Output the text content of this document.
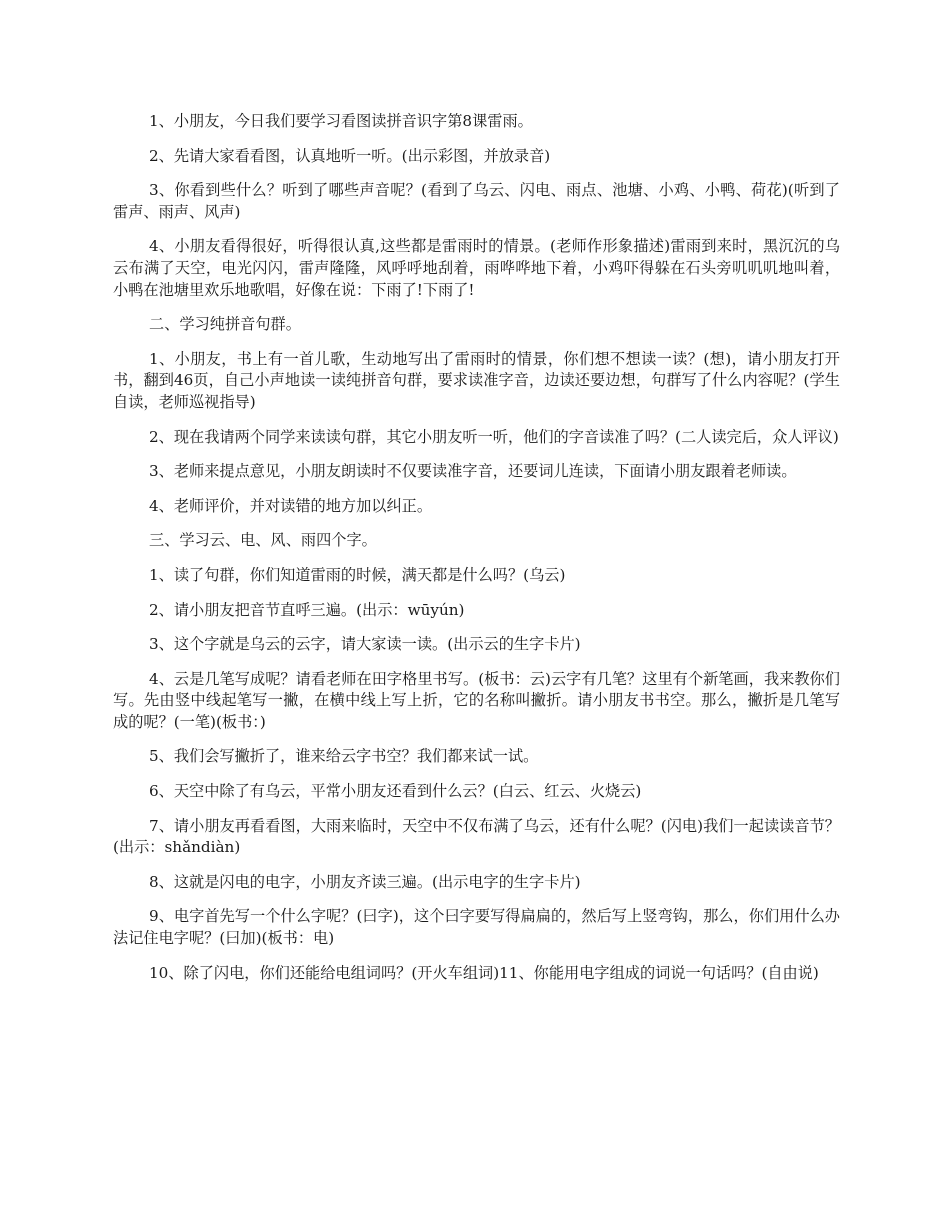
1、小朋友，今日我们要学习看图读拼音识字第8课雷雨。

2、先请大家看看图，认真地听一听。(出示彩图，并放录音)

3、你看到些什么？听到了哪些声音呢？(看到了乌云、闪电、雨点、池塘、小鸡、小鸭、荷花)(听到了雷声、雨声、风声)

4、小朋友看得很好，听得很认真,这些都是雷雨时的情景。(老师作形象描述)雷雨到来时，黑沉沉的乌云布满了天空，电光闪闪，雷声隆隆，风呼呼地刮着，雨哗哗地下着，小鸡吓得躲在石头旁叽叽叽地叫着，小鸭在池塘里欢乐地歌唱，好像在说：下雨了!下雨了!

二、学习纯拼音句群。

1、小朋友，书上有一首儿歌，生动地写出了雷雨时的情景，你们想不想读一读？(想)，请小朋友打开书，翻到46页，自己小声地读一读纯拼音句群，要求读准字音，边读还要边想，句群写了什么内容呢？(学生自读，老师巡视指导)

2、现在我请两个同学来读读句群，其它小朋友听一听，他们的字音读准了吗？(二人读完后，众人评议)

3、老师来提点意见，小朋友朗读时不仅要读准字音，还要词儿连读，下面请小朋友跟着老师读。

4、老师评价，并对读错的地方加以纠正。

三、学习云、电、风、雨四个字。

1、读了句群，你们知道雷雨的时候，满天都是什么吗？(乌云)

2、请小朋友把音节直呼三遍。(出示：wūyún)

3、这个字就是乌云的云字，请大家读一读。(出示云的生字卡片)

4、云是几笔写成呢？请看老师在田字格里书写。(板书：云)云字有几笔？这里有个新笔画，我来教你们写。先由竖中线起笔写一撇，在横中线上写上折，它的名称叫撇折。请小朋友书书空。那么，撇折是几笔写成的呢？(一笔)(板书：)

5、我们会写撇折了，谁来给云字书空？我们都来试一试。

6、天空中除了有乌云，平常小朋友还看到什么云？(白云、红云、火烧云)

7、请小朋友再看看图，大雨来临时，天空中不仅布满了乌云，还有什么呢？(闪电)我们一起读读音节？(出示：shǎndiàn)

8、这就是闪电的电字，小朋友齐读三遍。(出示电字的生字卡片)

9、电字首先写一个什么字呢？(曰字)，这个曰字要写得扁扁的，然后写上竖弯钩，那么，你们用什么办法记住电字呢？(曰加)(板书：电)

10、除了闪电，你们还能给电组词吗？(开火车组词)11、你能用电字组成的词说一句话吗？(自由说)
